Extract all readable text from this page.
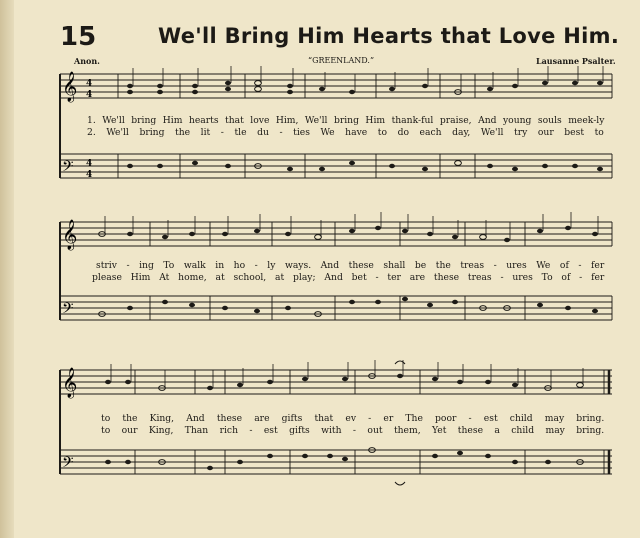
15	We'll Bring Him Hearts that Love Him.
Anon.	“GREENLAND.”	Lausanne Psalter.
𝄞
𝄢
4
4
4
4
1. We'll bring Him hearts that love Him, We'll bring Him thank-ful praise, And young souls meek-ly
2. We'll bring the lit - tle du - ties We have to do each day, We'll try our best to
𝄞
𝄢
striv - ing To walk in ho - ly ways. And these shall be the treas - ures We of - fer
please Him At home, at school, at play; And bet - ter are these treas - ures To of - fer
𝄞
𝄢
to the King, And these are gifts that ev - er The poor - est child may bring.
to our King, Than rich - est gifts with - out them, Yet these a child may bring.
